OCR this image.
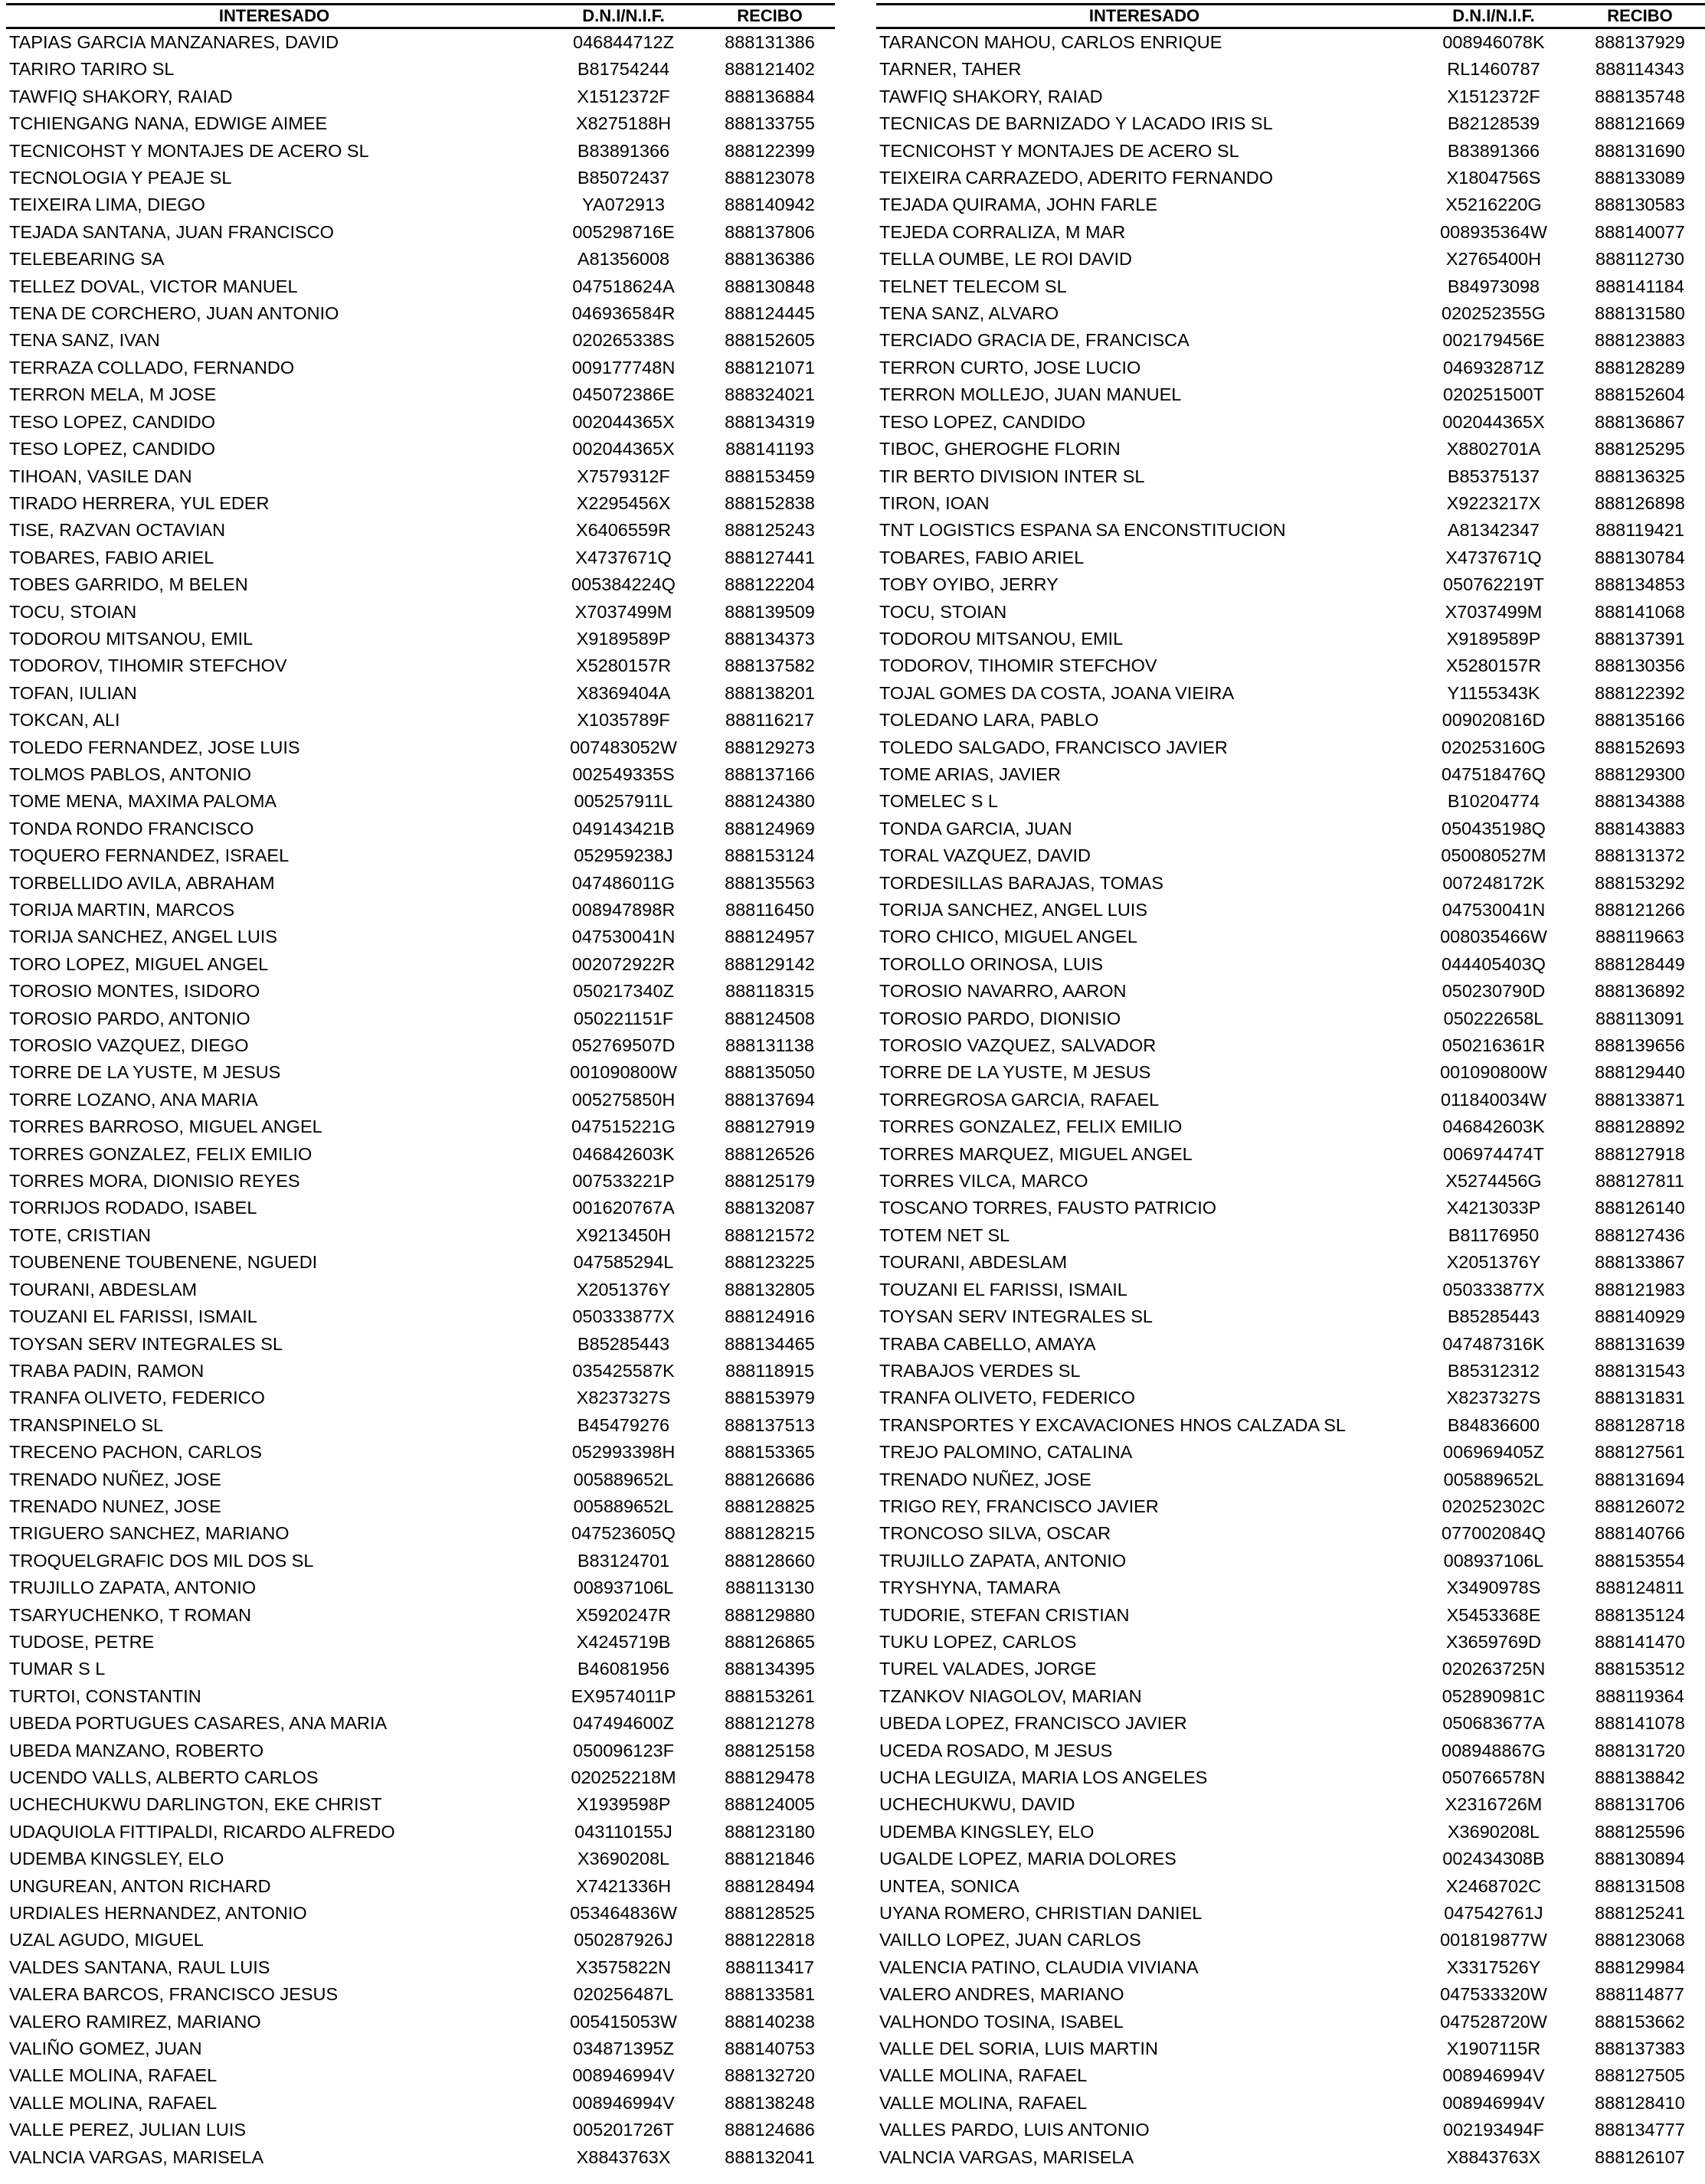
INTERESADO	D.N.I/N.I.F.	RECIBO
TAPIAS GARCIA MANZANARES, DAVID	046844712Z	888131386
TARIRO TARIRO SL	B81754244	888121402
TAWFIQ SHAKORY, RAIAD	X1512372F	888136884
TCHIENGANG NANA, EDWIGE AIMEE	X8275188H	888133755
TECNICOHST Y MONTAJES DE ACERO SL	B83891366	888122399
TECNOLOGIA Y PEAJE SL	B85072437	888123078
TEIXEIRA LIMA, DIEGO	YA072913	888140942
TEJADA SANTANA, JUAN FRANCISCO	005298716E	888137806
TELEBEARING SA	A81356008	888136386
TELLEZ DOVAL, VICTOR MANUEL	047518624A	888130848
TENA DE CORCHERO, JUAN ANTONIO	046936584R	888124445
TENA SANZ, IVAN	020265338S	888152605
TERRAZA COLLADO, FERNANDO	009177748N	888121071
TERRON MELA, M JOSE	045072386E	888324021
TESO LOPEZ, CANDIDO	002044365X	888134319
TESO LOPEZ, CANDIDO	002044365X	888141193
TIHOAN, VASILE DAN	X7579312F	888153459
TIRADO HERRERA, YUL EDER	X2295456X	888152838
TISE, RAZVAN OCTAVIAN	X6406559R	888125243
TOBARES, FABIO ARIEL	X4737671Q	888127441
TOBES GARRIDO, M BELEN	005384224Q	888122204
TOCU, STOIAN	X7037499M	888139509
TODOROU MITSANOU, EMIL	X9189589P	888134373
TODOROV, TIHOMIR STEFCHOV	X5280157R	888137582
TOFAN, IULIAN	X8369404A	888138201
TOKCAN, ALI	X1035789F	888116217
TOLEDO FERNANDEZ, JOSE LUIS	007483052W	888129273
TOLMOS PABLOS, ANTONIO	002549335S	888137166
TOME MENA, MAXIMA PALOMA	005257911L	888124380
TONDA RONDO FRANCISCO	049143421B	888124969
TOQUERO FERNANDEZ, ISRAEL	052959238J	888153124
TORBELLIDO AVILA, ABRAHAM	047486011G	888135563
TORIJA MARTIN, MARCOS	008947898R	888116450
TORIJA SANCHEZ, ANGEL LUIS	047530041N	888124957
TORO LOPEZ, MIGUEL ANGEL	002072922R	888129142
TOROSIO MONTES, ISIDORO	050217340Z	888118315
TOROSIO PARDO, ANTONIO	050221151F	888124508
TOROSIO VAZQUEZ, DIEGO	052769507D	888131138
TORRE DE LA YUSTE, M JESUS	001090800W	888135050
TORRE LOZANO, ANA MARIA	005275850H	888137694
TORRES BARROSO, MIGUEL ANGEL	047515221G	888127919
TORRES GONZALEZ, FELIX EMILIO	046842603K	888126526
TORRES MORA, DIONISIO REYES	007533221P	888125179
TORRIJOS RODADO, ISABEL	001620767A	888132087
TOTE, CRISTIAN	X9213450H	888121572
TOUBENENE TOUBENENE, NGUEDI	047585294L	888123225
TOURANI, ABDESLAM	X2051376Y	888132805
TOUZANI EL FARISSI, ISMAIL	050333877X	888124916
TOYSAN SERV INTEGRALES SL	B85285443	888134465
TRABA PADIN, RAMON	035425587K	888118915
TRANFA OLIVETO, FEDERICO	X8237327S	888153979
TRANSPINELO SL	B45479276	888137513
TRECENO PACHON, CARLOS	052993398H	888153365
TRENADO NUÑEZ, JOSE	005889652L	888126686
TRENADO NUNEZ, JOSE	005889652L	888128825
TRIGUERO SANCHEZ, MARIANO	047523605Q	888128215
TROQUELGRAFIC DOS MIL DOS SL	B83124701	888128660
TRUJILLO ZAPATA, ANTONIO	008937106L	888113130
TSARYUCHENKO, T ROMAN	X5920247R	888129880
TUDOSE, PETRE	X4245719B	888126865
TUMAR S L	B46081956	888134395
TURTOI, CONSTANTIN	EX9574011P	888153261
UBEDA PORTUGUES CASARES, ANA MARIA	047494600Z	888121278
UBEDA MANZANO, ROBERTO	050096123F	888125158
UCENDO VALLS, ALBERTO CARLOS	020252218M	888129478
UCHECHUKWU DARLINGTON, EKE CHRIST	X1939598P	888124005
UDAQUIOLA FITTIPALDI, RICARDO ALFREDO	043110155J	888123180
UDEMBA KINGSLEY, ELO	X3690208L	888121846
UNGUREAN, ANTON RICHARD	X7421336H	888128494
URDIALES HERNANDEZ, ANTONIO	053464836W	888128525
UZAL AGUDO, MIGUEL	050287926J	888122818
VALDES SANTANA, RAUL LUIS	X3575822N	888113417
VALERA BARCOS, FRANCISCO JESUS	020256487L	888133581
VALERO RAMIREZ, MARIANO	005415053W	888140238
VALIÑO GOMEZ, JUAN	034871395Z	888140753
VALLE MOLINA, RAFAEL	008946994V	888132720
VALLE MOLINA, RAFAEL	008946994V	888138248
VALLE PEREZ, JULIAN LUIS	005201726T	888124686
VALNCIA VARGAS, MARISELA	X8843763X	888132041
INTERESADO	D.N.I/N.I.F.	RECIBO
TARANCON MAHOU, CARLOS ENRIQUE	008946078K	888137929
TARNER, TAHER	RL1460787	888114343
TAWFIQ SHAKORY, RAIAD	X1512372F	888135748
TECNICAS DE BARNIZADO Y LACADO IRIS SL	B82128539	888121669
TECNICOHST Y MONTAJES DE ACERO SL	B83891366	888131690
TEIXEIRA CARRAZEDO, ADERITO FERNANDO	X1804756S	888133089
TEJADA QUIRAMA, JOHN FARLE	X5216220G	888130583
TEJEDA CORRALIZA, M MAR	008935364W	888140077
TELLA OUMBE, LE ROI DAVID	X2765400H	888112730
TELNET TELECOM SL	B84973098	888141184
TENA SANZ, ALVARO	020252355G	888131580
TERCIADO GRACIA DE, FRANCISCA	002179456E	888123883
TERRON CURTO, JOSE LUCIO	046932871Z	888128289
TERRON MOLLEJO, JUAN MANUEL	020251500T	888152604
TESO LOPEZ, CANDIDO	002044365X	888136867
TIBOC, GHEROGHE FLORIN	X8802701A	888125295
TIR BERTO DIVISION INTER SL	B85375137	888136325
TIRON, IOAN	X9223217X	888126898
TNT LOGISTICS ESPANA SA ENCONSTITUCION	A81342347	888119421
TOBARES, FABIO ARIEL	X4737671Q	888130784
TOBY OYIBO, JERRY	050762219T	888134853
TOCU, STOIAN	X7037499M	888141068
TODOROU MITSANOU, EMIL	X9189589P	888137391
TODOROV, TIHOMIR STEFCHOV	X5280157R	888130356
TOJAL GOMES DA COSTA, JOANA VIEIRA	Y1155343K	888122392
TOLEDANO LARA, PABLO	009020816D	888135166
TOLEDO SALGADO, FRANCISCO JAVIER	020253160G	888152693
TOME ARIAS, JAVIER	047518476Q	888129300
TOMELEC S L	B10204774	888134388
TONDA GARCIA, JUAN	050435198Q	888143883
TORAL VAZQUEZ, DAVID	050080527M	888131372
TORDESILLAS BARAJAS, TOMAS	007248172K	888153292
TORIJA SANCHEZ, ANGEL LUIS	047530041N	888121266
TORO CHICO, MIGUEL ANGEL	008035466W	888119663
TOROLLO ORINOSA, LUIS	044405403Q	888128449
TOROSIO NAVARRO, AARON	050230790D	888136892
TOROSIO PARDO, DIONISIO	050222658L	888113091
TOROSIO VAZQUEZ, SALVADOR	050216361R	888139656
TORRE DE LA YUSTE, M JESUS	001090800W	888129440
TORREGROSA GARCIA, RAFAEL	011840034W	888133871
TORRES GONZALEZ, FELIX EMILIO	046842603K	888128892
TORRES MARQUEZ, MIGUEL ANGEL	006974474T	888127918
TORRES VILCA, MARCO	X5274456G	888127811
TOSCANO TORRES, FAUSTO PATRICIO	X4213033P	888126140
TOTEM NET SL	B81176950	888127436
TOURANI, ABDESLAM	X2051376Y	888133867
TOUZANI EL FARISSI, ISMAIL	050333877X	888121983
TOYSAN SERV INTEGRALES SL	B85285443	888140929
TRABA CABELLO, AMAYA	047487316K	888131639
TRABAJOS VERDES SL	B85312312	888131543
TRANFA OLIVETO, FEDERICO	X8237327S	888131831
TRANSPORTES Y EXCAVACIONES HNOS CALZADA SL	B84836600	888128718
TREJO PALOMINO, CATALINA	006969405Z	888127561
TRENADO NUÑEZ, JOSE	005889652L	888131694
TRIGO REY, FRANCISCO JAVIER	020252302C	888126072
TRONCOSO SILVA, OSCAR	077002084Q	888140766
TRUJILLO ZAPATA, ANTONIO	008937106L	888153554
TRYSHYNA, TAMARA	X3490978S	888124811
TUDORIE, STEFAN CRISTIAN	X5453368E	888135124
TUKU LOPEZ, CARLOS	X3659769D	888141470
TUREL VALADES, JORGE	020263725N	888153512
TZANKOV NIAGOLOV, MARIAN	052890981C	888119364
UBEDA LOPEZ, FRANCISCO JAVIER	050683677A	888141078
UCEDA ROSADO, M JESUS	008948867G	888131720
UCHA LEGUIZA, MARIA LOS ANGELES	050766578N	888138842
UCHECHUKWU, DAVID	X2316726M	888131706
UDEMBA KINGSLEY, ELO	X3690208L	888125596
UGALDE LOPEZ, MARIA DOLORES	002434308B	888130894
UNTEA, SONICA	X2468702C	888131508
UYANA ROMERO, CHRISTIAN DANIEL	047542761J	888125241
VAILLO LOPEZ, JUAN CARLOS	001819877W	888123068
VALENCIA PATINO, CLAUDIA VIVIANA	X3317526Y	888129984
VALERO ANDRES, MARIANO	047533320W	888114877
VALHONDO TOSINA, ISABEL	047528720W	888153662
VALLE DEL SORIA, LUIS MARTIN	X1907115R	888137383
VALLE MOLINA, RAFAEL	008946994V	888127505
VALLE MOLINA, RAFAEL	008946994V	888128410
VALLES PARDO, LUIS ANTONIO	002193494F	888134777
VALNCIA VARGAS, MARISELA	X8843763X	888126107
